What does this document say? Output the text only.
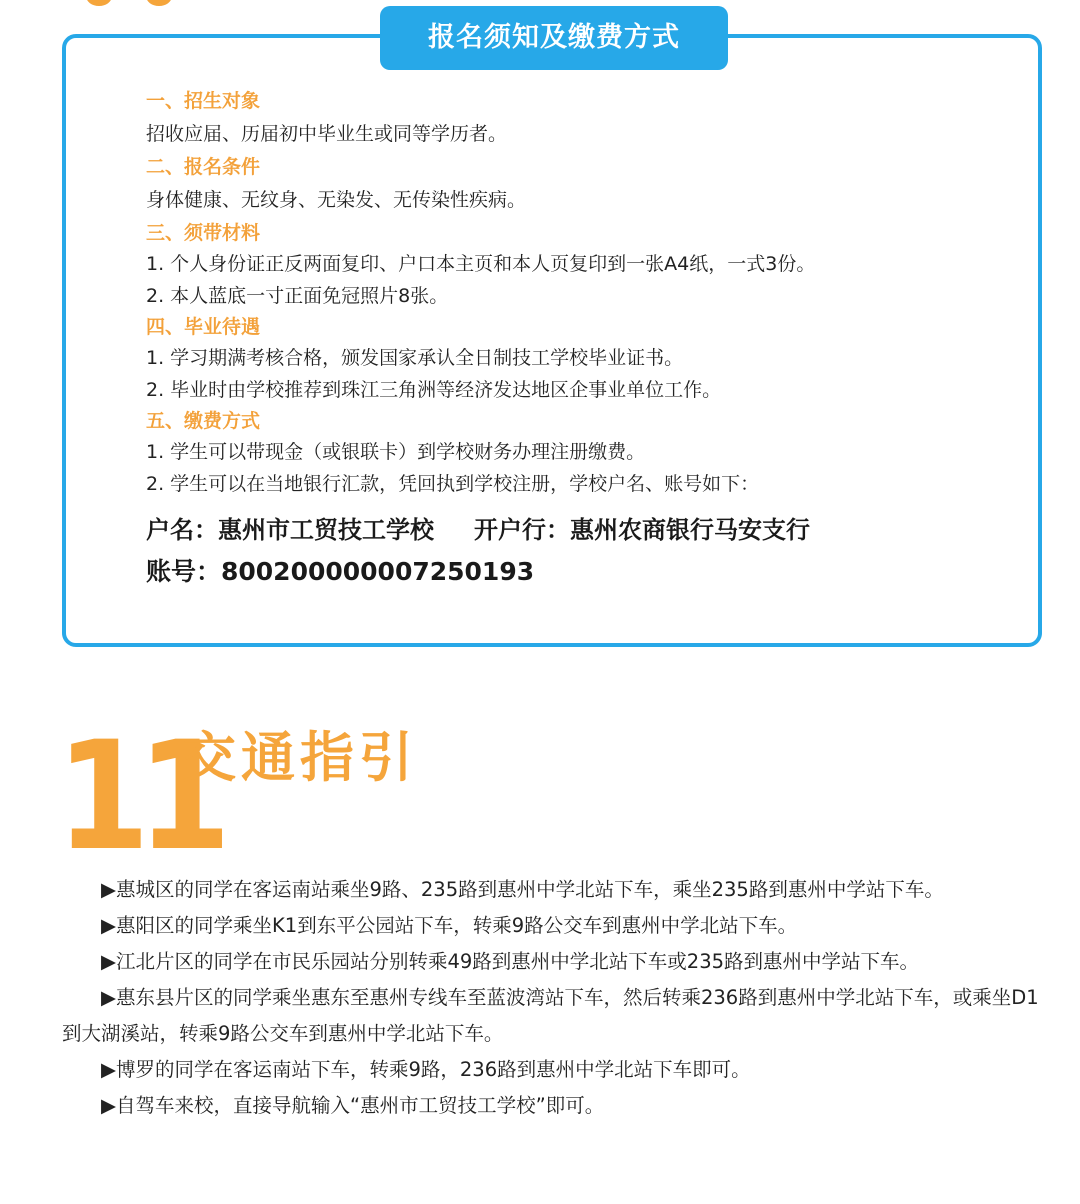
报名须知及缴费方式
一、招生对象
招收应届、历届初中毕业生或同等学历者。
二、报名条件
身体健康、无纹身、无染发、无传染性疾病。
三、须带材料
1. 个人身份证正反两面复印、户口本主页和本人页复印到一张A4纸，一式3份。
2. 本人蓝底一寸正面免冠照片8张。
四、毕业待遇
1. 学习期满考核合格，颁发国家承认全日制技工学校毕业证书。
2. 毕业时由学校推荐到珠江三角洲等经济发达地区企事业单位工作。
五、缴费方式
1. 学生可以带现金（或银联卡）到学校财务办理注册缴费。
2. 学生可以在当地银行汇款，凭回执到学校注册，学校户名、账号如下：
户名：惠州市工贸技工学校 开户行：惠州农商银行马安支行
账号：800200000007250193
11
交通指引

▶惠城区的同学在客运南站乘坐9路、235路到惠州中学北站下车，乘坐235路到惠州中学站下车。

▶惠阳区的同学乘坐K1到东平公园站下车，转乘9路公交车到惠州中学北站下车。

▶江北片区的同学在市民乐园站分别转乘49路到惠州中学北站下车或235路到惠州中学站下车。

▶惠东县片区的同学乘坐惠东至惠州专线车至蓝波湾站下车，然后转乘236路到惠州中学北站下车，或乘坐D1到大湖溪站，转乘9路公交车到惠州中学北站下车。

▶博罗的同学在客运南站下车，转乘9路，236路到惠州中学北站下车即可。

▶自驾车来校，直接导航输入“惠州市工贸技工学校”即可。
